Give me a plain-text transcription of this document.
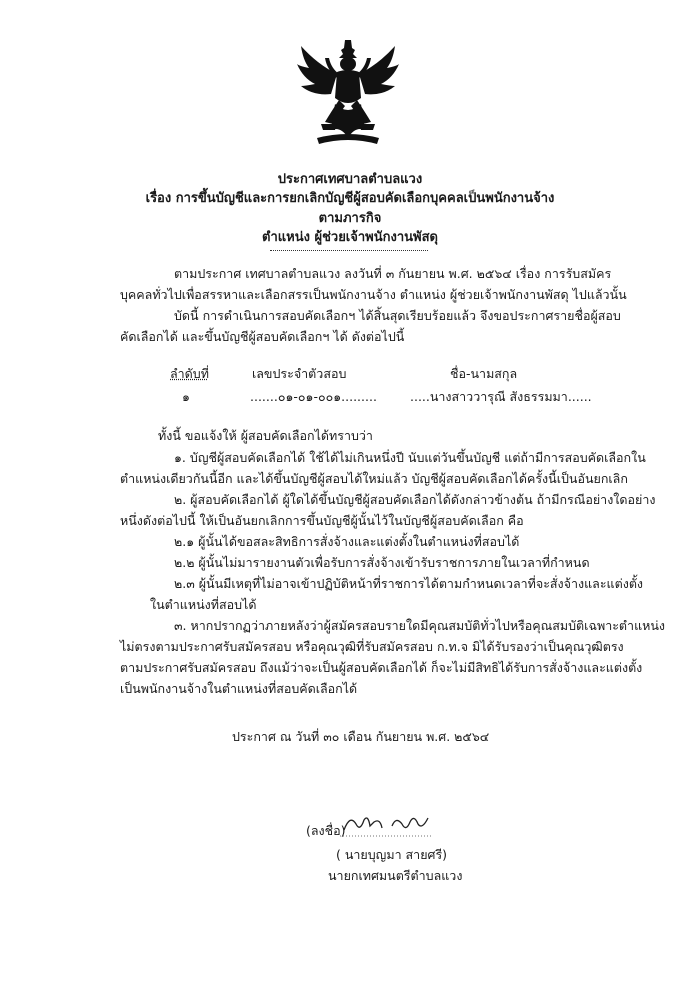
ประกาศเทศบาลตำบลแวง
เรื่อง การขึ้นบัญชีและการยกเลิกบัญชีผู้สอบคัดเลือกบุคคลเป็นพนักงานจ้าง
ตามภารกิจ
ตำแหน่ง ผู้ช่วยเจ้าพนักงานพัสดุ
ตามประกาศ เทศบาลตำบลแวง ลงวันที่ ๓ กันยายน พ.ศ. ๒๕๖๔ เรื่อง การรับสมัคร
บุคคลทั่วไปเพื่อสรรหาและเลือกสรรเป็นพนักงานจ้าง ตำแหน่ง ผู้ช่วยเจ้าพนักงานพัสดุ ไปแล้วนั้น
บัดนี้ การดำเนินการสอบคัดเลือกฯ ได้สิ้นสุดเรียบร้อยแล้ว จึงขอประกาศรายชื่อผู้สอบ
คัดเลือกได้ และขึ้นบัญชีผู้สอบคัดเลือกฯ ได้ ดังต่อไปนี้
ลำดับที่	เลขประจำตัวสอบ	ชื่อ-นามสกุล
๑	.......๐๑-๐๑-๐๐๑.........	.....นางสาววารุณี สังธรรมมา......
ทั้งนี้ ขอแจ้งให้ ผู้สอบคัดเลือกได้ทราบว่า
๑. บัญชีผู้สอบคัดเลือกได้ ใช้ได้ไม่เกินหนึ่งปี นับแต่วันขึ้นบัญชี แต่ถ้ามีการสอบคัดเลือกใน
ตำแหน่งเดียวกันนี้อีก และได้ขึ้นบัญชีผู้สอบได้ใหม่แล้ว บัญชีผู้สอบคัดเลือกได้ครั้งนี้เป็นอันยกเลิก
๒. ผู้สอบคัดเลือกได้ ผู้ใดได้ขึ้นบัญชีผู้สอบคัดเลือกได้ดังกล่าวข้างต้น ถ้ามีกรณีอย่างใดอย่าง
หนึ่งดังต่อไปนี้ ให้เป็นอันยกเลิกการขึ้นบัญชีผู้นั้นไว้ในบัญชีผู้สอบคัดเลือก คือ
๒.๑ ผู้นั้นได้ขอสละสิทธิการสั่งจ้างและแต่งตั้งในตำแหน่งที่สอบได้
๒.๒ ผู้นั้นไม่มารายงานตัวเพื่อรับการสั่งจ้างเข้ารับราชการภายในเวลาที่กำหนด
๒.๓ ผู้นั้นมีเหตุที่ไม่อาจเข้าปฏิบัติหน้าที่ราชการได้ตามกำหนดเวลาที่จะสั่งจ้างและแต่งตั้ง
ในตำแหน่งที่สอบได้
๓. หากปรากฏว่าภายหลังว่าผู้สมัครสอบรายใดมีคุณสมบัติทั่วไปหรือคุณสมบัติเฉพาะตำแหน่ง
ไม่ตรงตามประกาศรับสมัครสอบ หรือคุณวุฒิที่รับสมัครสอบ ก.ท.จ มิได้รับรองว่าเป็นคุณวุฒิตรง
ตามประกาศรับสมัครสอบ ถึงแม้ว่าจะเป็นผู้สอบคัดเลือกได้ ก็จะไม่มีสิทธิได้รับการสั่งจ้างและแต่งตั้ง
เป็นพนักงานจ้างในตำแหน่งที่สอบคัดเลือกได้
ประกาศ ณ วันที่ ๓๐ เดือน กันยายน พ.ศ. ๒๕๖๔
(ลงชื่อ)
( นายบุญมา สายศรี)
นายกเทศมนตรีตำบลแวง
